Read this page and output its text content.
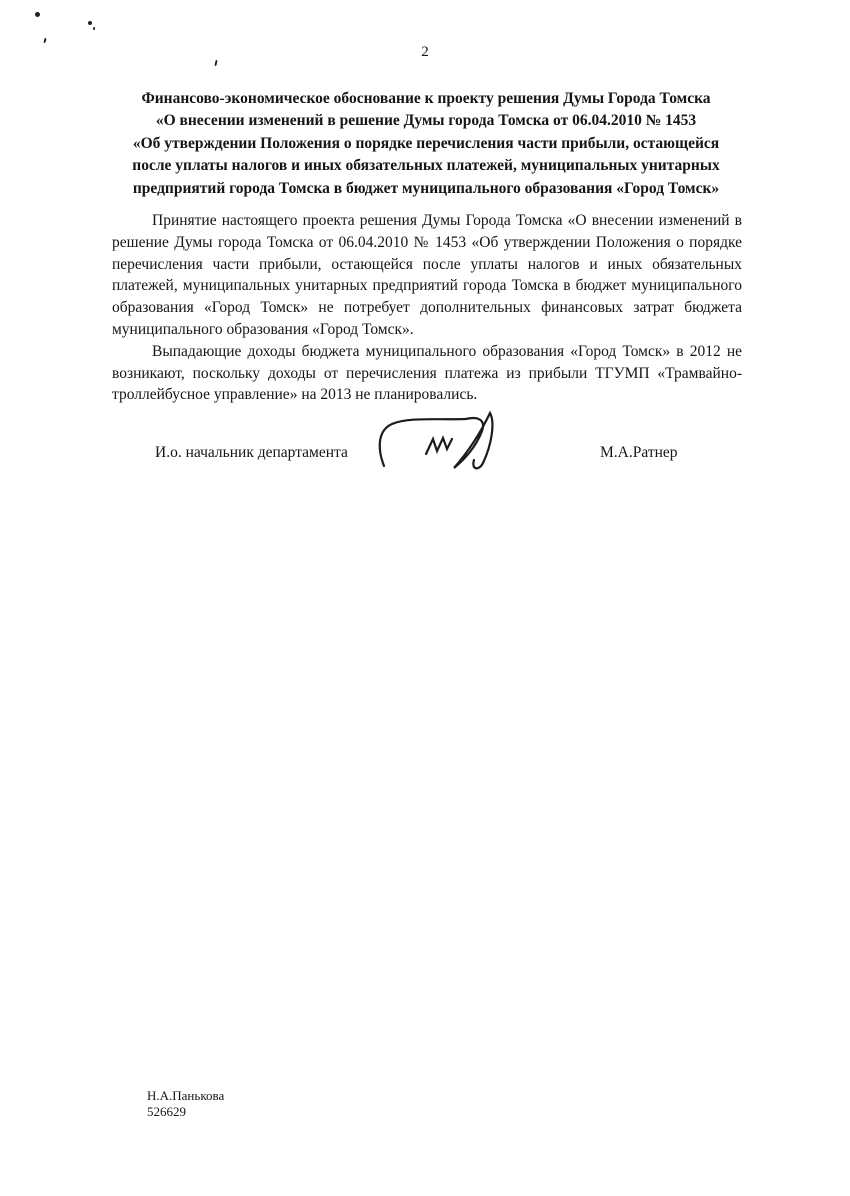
2
Финансово-экономическое обоснование к проекту решения Думы Города Томска
«О внесении изменений в решение Думы города Томска от 06.04.2010 № 1453
«Об утверждении Положения о порядке перечисления части прибыли, остающейся
после уплаты налогов и иных обязательных платежей, муниципальных унитарных
предприятий города Томска в бюджет муниципального образования «Город Томск»

Принятие настоящего проекта решения Думы Города Томска «О внесении изменений в решение Думы города Томска от 06.04.2010 № 1453 «Об утверждении Положения о порядке перечисления части прибыли, остающейся после уплаты налогов и иных обязательных платежей, муниципальных унитарных предприятий города Томска в бюджет муниципального образования «Город Томск» не потребует дополнительных финансовых затрат бюджета муниципального образования «Город Томск».

Выпадающие доходы бюджета муниципального образования «Город Томск» в 2012 не возникают, поскольку доходы от перечисления платежа из прибыли ТГУМП «Трамвайно-троллейбусное управление» на 2013 не планировались.

И.о. начальник департамента	М.А.Ратнер
Н.А.Панькова
526629
